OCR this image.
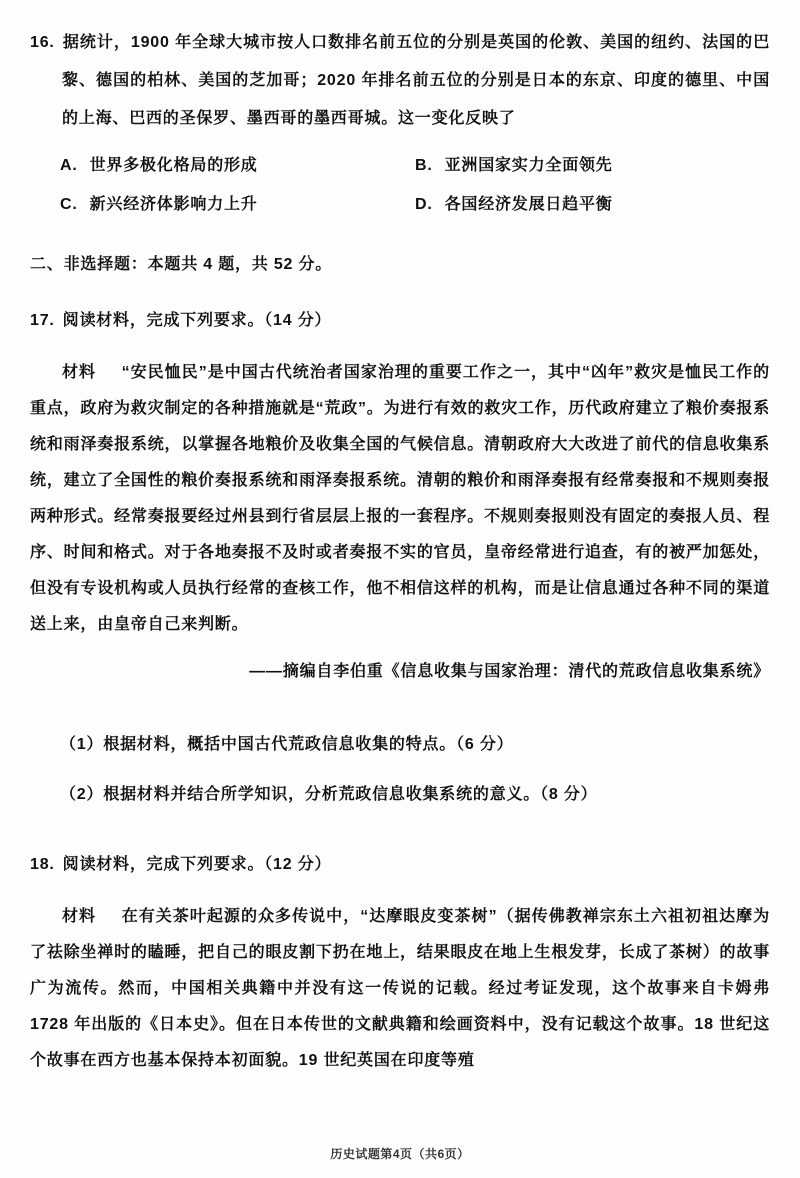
16. 据统计，1900 年全球大城市按人口数排名前五位的分别是英国的伦敦、美国的纽约、法国的巴黎、德国的柏林、美国的芝加哥；2020 年排名前五位的分别是日本的东京、印度的德里、中国的上海、巴西的圣保罗、墨西哥的墨西哥城。这一变化反映了

A. 世界多极化格局的形成	B. 亚洲国家实力全面领先
C. 新兴经济体影响力上升	D. 各国经济发展日趋平衡

二、非选择题：本题共 4 题，共 52 分。

17. 阅读材料，完成下列要求。（14 分）

材料 “安民恤民”是中国古代统治者国家治理的重要工作之一，其中“凶年”救灾是恤民工作的重点，政府为救灾制定的各种措施就是“荒政”。为进行有效的救灾工作，历代政府建立了粮价奏报系统和雨泽奏报系统，以掌握各地粮价及收集全国的气候信息。清朝政府大大改进了前代的信息收集系统，建立了全国性的粮价奏报系统和雨泽奏报系统。清朝的粮价和雨泽奏报有经常奏报和不规则奏报两种形式。经常奏报要经过州县到行省层层上报的一套程序。不规则奏报则没有固定的奏报人员、程序、时间和格式。对于各地奏报不及时或者奏报不实的官员，皇帝经常进行追查，有的被严加惩处，但没有专设机构或人员执行经常的查核工作，他不相信这样的机构，而是让信息通过各种不同的渠道送上来，由皇帝自己来判断。

——摘编自李伯重《信息收集与国家治理：清代的荒政信息收集系统》

（1）根据材料，概括中国古代荒政信息收集的特点。（6 分）

（2）根据材料并结合所学知识，分析荒政信息收集系统的意义。（8 分）

18. 阅读材料，完成下列要求。（12 分）

材料 在有关茶叶起源的众多传说中，“达摩眼皮变茶树”（据传佛教禅宗东土六祖初祖达摩为了祛除坐禅时的瞌睡，把自己的眼皮割下扔在地上，结果眼皮在地上生根发芽，长成了茶树）的故事广为流传。然而，中国相关典籍中并没有这一传说的记载。经过考证发现，这个故事来自卡姆弗 1728 年出版的《日本史》。但在日本传世的文献典籍和绘画资料中，没有记载这个故事。18 世纪这个故事在西方也基本保持本初面貌。19 世纪英国在印度等殖

历史试题第4页（共6页）
